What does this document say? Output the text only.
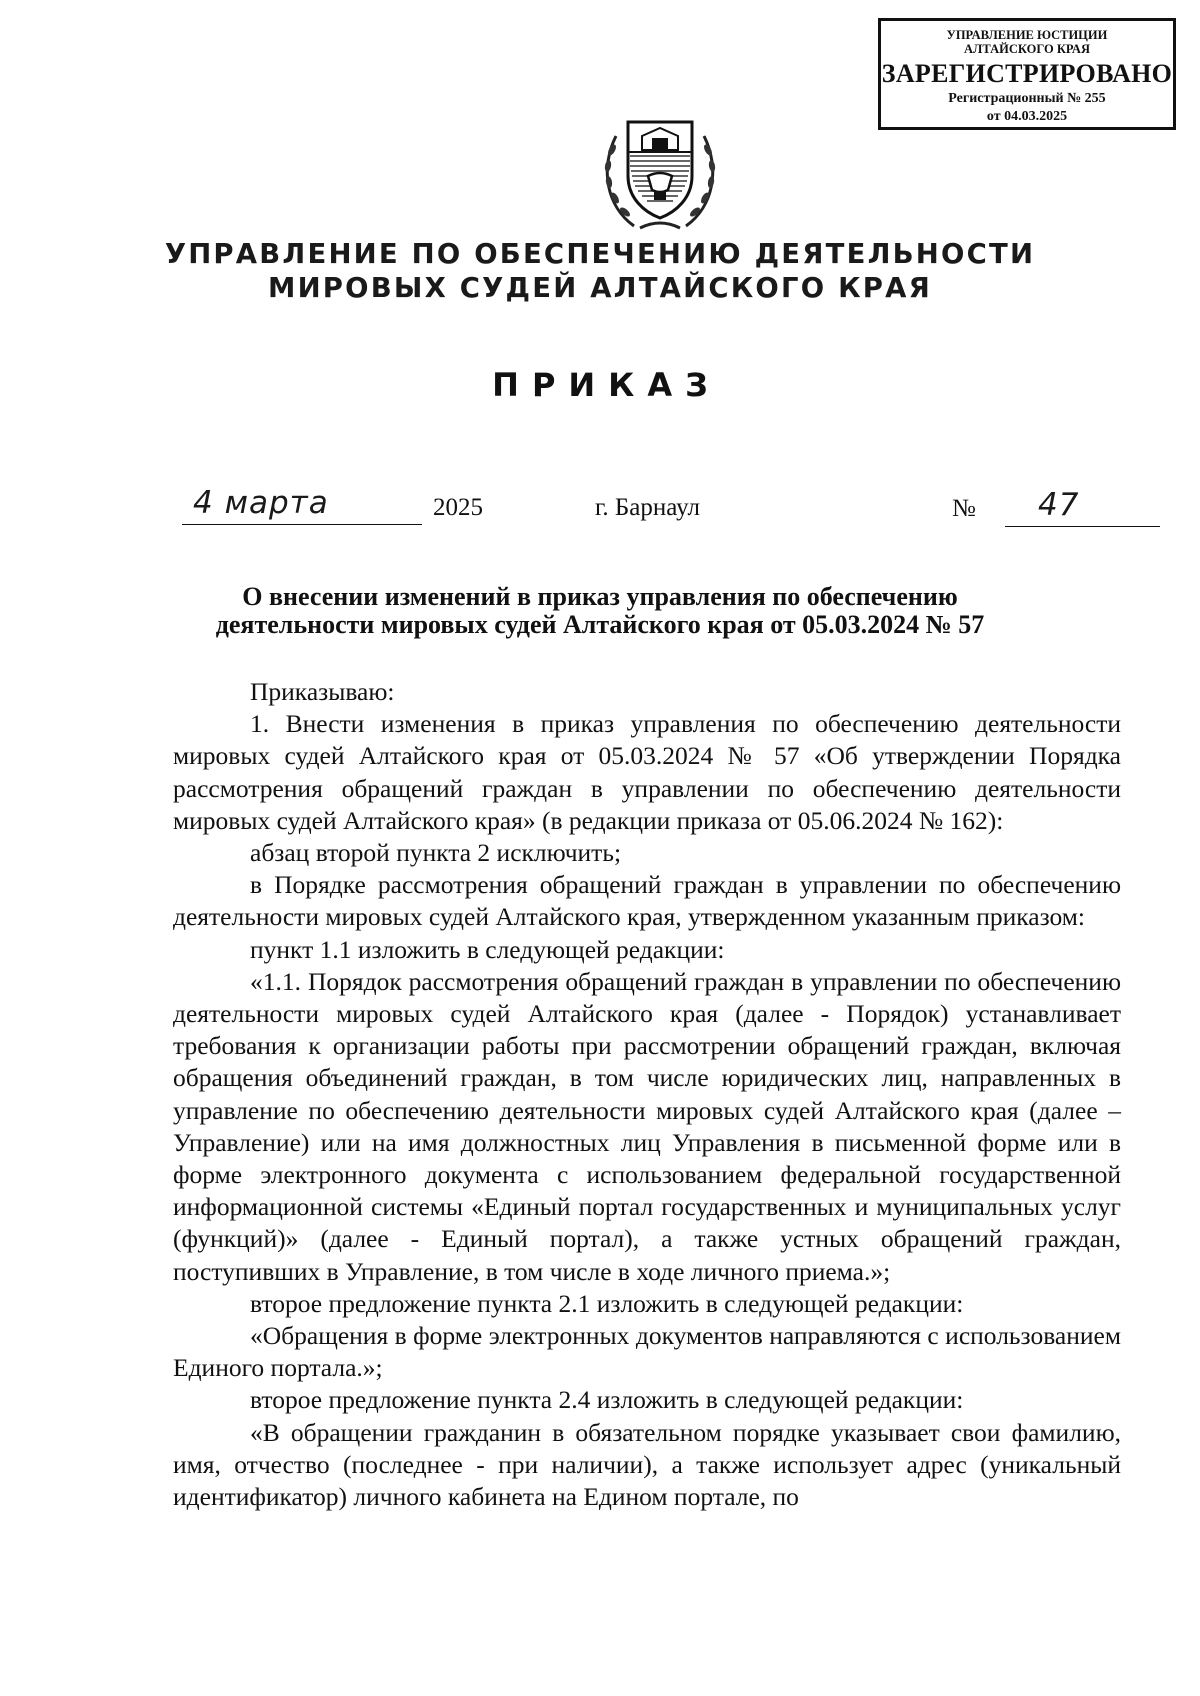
УПРАВЛЕНИЕ ЮСТИЦИИ
АЛТАЙСКОГО КРАЯ
ЗАРЕГИСТРИРОВАНО
Регистрационный № 255
от 04.03.2025
УПРАВЛЕНИЕ ПО ОБЕСПЕЧЕНИЮ ДЕЯТЕЛЬНОСТИ
МИРОВЫХ СУДЕЙ АЛТАЙСКОГО КРАЯ
ПРИКАЗ
4 марта	2025	г. Барнаул	№ 47
О внесении изменений в приказ управления по обеспечению
деятельности мировых судей Алтайского края от 05.03.2024 № 57

Приказываю:

1. Внести изменения в приказ управления по обеспечению деятельности мировых судей Алтайского края от 05.03.2024 № 57 «Об утверждении Порядка рассмотрения обращений граждан в управлении по обеспечению деятельности мировых судей Алтайского края» (в редакции приказа от 05.06.2024 № 162):

абзац второй пункта 2 исключить;

в Порядке рассмотрения обращений граждан в управлении по обеспечению деятельности мировых судей Алтайского края, утвержденном указанным приказом:

пункт 1.1 изложить в следующей редакции:

«1.1. Порядок рассмотрения обращений граждан в управлении по обеспечению деятельности мировых судей Алтайского края (далее - Порядок) устанавливает требования к организации работы при рассмотрении обращений граждан, включая обращения объединений граждан, в том числе юридических лиц, направленных в управление по обеспечению деятельности мировых судей Алтайского края (далее – Управление) или на имя должностных лиц Управления в письменной форме или в форме электронного документа с использованием федеральной государственной информационной системы «Единый портал государственных и муниципальных услуг (функций)» (далее - Единый портал), а также устных обращений граждан, поступивших в Управление, в том числе в ходе личного приема.»;

второе предложение пункта 2.1 изложить в следующей редакции:

«Обращения в форме электронных документов направляются с использованием Единого портала.»;

второе предложение пункта 2.4 изложить в следующей редакции:

«В обращении гражданин в обязательном порядке указывает свои фамилию, имя, отчество (последнее - при наличии), а также использует адрес (уникальный идентификатор) личного кабинета на Едином портале, по
